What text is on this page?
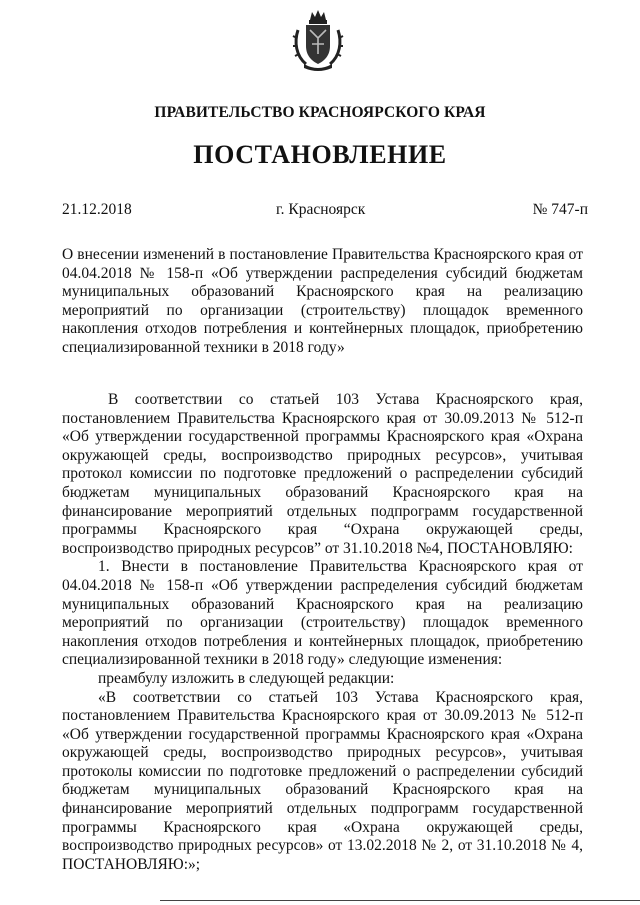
ПРАВИТЕЛЬСТВО КРАСНОЯРСКОГО КРАЯ
ПОСТАНОВЛЕНИЕ
21.12.2018	г. Красноярск	№ 747-п
О внесении изменений в постановление Правительства Красноярского края от 04.04.2018 № 158-п «Об утверждении распределения субсидий бюджетам муниципальных образований Красноярского края на реализацию мероприятий по организации (строительству) площадок временного накопления отходов потребления и контейнерных площадок, приобретению специализированной техники в 2018 году»

В соответствии со статьей 103 Устава Красноярского края, постановлением Правительства Красноярского края от 30.09.2013 № 512-п «Об утверждении государственной программы Красноярского края «Охрана окружающей среды, воспроизводство природных ресурсов», учитывая протокол комиссии по подготовке предложений о распределении субсидий бюджетам муниципальных образований Красноярского края на финансирование мероприятий отдельных подпрограмм государственной программы Красноярского края “Охрана окружающей среды, воспроизводство природных ресурсов” от 31.10.2018 №4, ПОСТАНОВЛЯЮ:

1. Внести в постановление Правительства Красноярского края от 04.04.2018 № 158-п «Об утверждении распределения субсидий бюджетам муниципальных образований Красноярского края на реализацию мероприятий по организации (строительству) площадок временного накопления отходов потребления и контейнерных площадок, приобретению специализированной техники в 2018 году» следующие изменения:

преамбулу изложить в следующей редакции:

«В соответствии со статьей 103 Устава Красноярского края, постановлением Правительства Красноярского края от 30.09.2013 № 512-п «Об утверждении государственной программы Красноярского края «Охрана окружающей среды, воспроизводство природных ресурсов», учитывая протоколы комиссии по подготовке предложений о распределении субсидий бюджетам муниципальных образований Красноярского края на финансирование мероприятий отдельных подпрограмм государственной программы Красноярского края «Охрана окружающей среды, воспроизводство природных ресурсов» от 13.02.2018 № 2, от 31.10.2018 № 4, ПОСТАНОВЛЯЮ:»;
